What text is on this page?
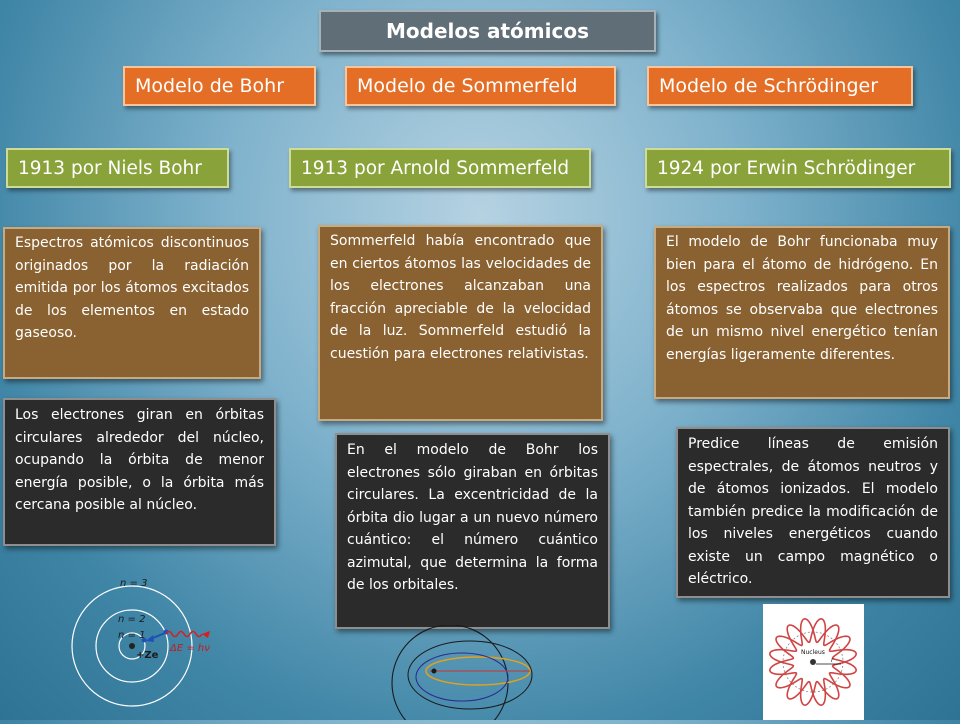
Modelos atómicos
Modelo de Bohr	Modelo de Sommerfeld	Modelo de Schrödinger
1913 por Niels Bohr	1913 por Arnold Sommerfeld	1924 por Erwin Schrödinger
Espectros atómicos discontinuos originados por la radiación emitida por los átomos excitados de los elementos en estado gaseoso.
Sommerfeld había encontrado que en ciertos átomos las velocidades de los electrones alcanzaban una fracción apreciable de la velocidad de la luz. Sommerfeld estudió la cuestión para electrones relativistas.
El modelo de Bohr funcionaba muy bien para el átomo de hidrógeno. En los espectros realizados para otros átomos se observaba que electrones de un mismo nivel energético tenían energías ligeramente diferentes.
Los electrones giran en órbitas circulares alrededor del núcleo, ocupando la órbita de menor energía posible, o la órbita más cercana posible al núcleo.
En el modelo de Bohr los electrones sólo giraban en órbitas circulares. La excentricidad de la órbita dio lugar a un nuevo número cuántico: el número cuántico azimutal, que determina la forma de los orbitales.
Predice líneas de emisión espectrales, de átomos neutros y de átomos ionizados. El modelo también predice la modificación de los niveles energéticos cuando existe un campo magnético o eléctrico.
n = 3
n = 2
n = 1
+Ze
ΔE = hν	Nucleus
r
